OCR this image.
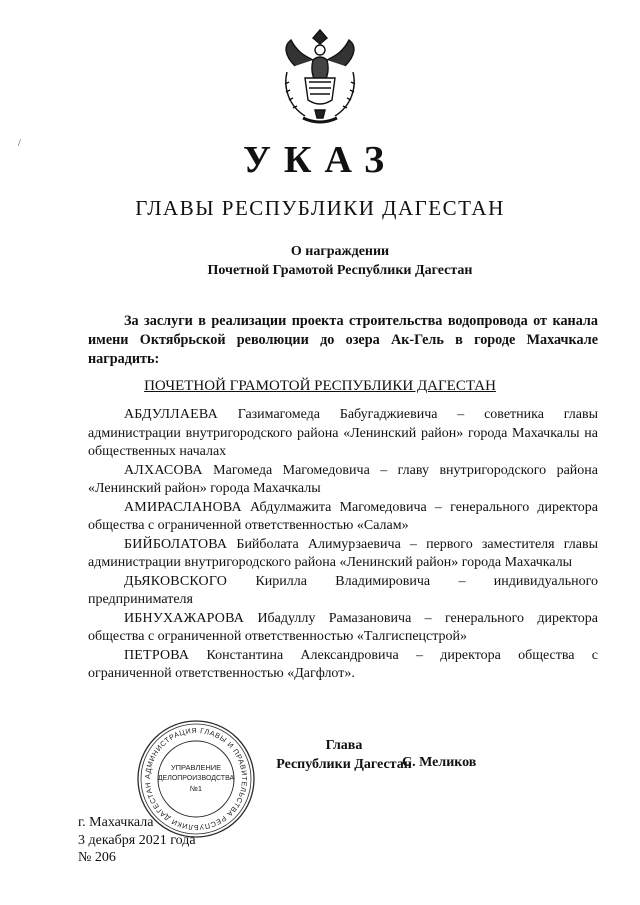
/	УКАЗ
ГЛАВЫ РЕСПУБЛИКИ ДАГЕСТАН
О награждении
Почетной Грамотой Республики Дагестан
За заслуги в реализации проекта строительства водопровода от канала имени Октябрьской революции до озера Ак-Гель в городе Махачкале наградить:
ПОЧЕТНОЙ ГРАМОТОЙ РЕСПУБЛИКИ ДАГЕСТАН

АБДУЛЛАЕВА Газимагомеда Бабугаджиевича – советника главы администрации внутригородского района «Ленинский район» города Махачкалы на общественных началах

АЛХАСОВА Магомеда Магомедовича – главу внутригородского района «Ленинский район» города Махачкалы

АМИРАСЛАНОВА Абдулмажита Магомедовича – генерального директора общества с ограниченной ответственностью «Салам»

БИЙБОЛАТОВА Бийболата Алимурзаевича – первого заместителя главы администрации внутригородского района «Ленинский район» города Махачкалы

ДЬЯКОВСКОГО Кирилла Владимировича – индивидуального предпринимателя

ИБНУХАЖАРОВА Ибадуллу Рамазановича – генерального директора общества с ограниченной ответственностью «Талгиспецстрой»

ПЕТРОВА Константина Александровича – директора общества с ограниченной ответственностью «Дагфлот».

АДМИНИСТРАЦИЯ ГЛАВЫ И ПРАВИТЕЛЬСТВА РЕСПУБЛИКИ ДАГЕСТАН
УПРАВЛЕНИЕ
ДЕЛОПРОИЗВОДСТВА
№1
Глава
Республики Дагестан
С. Меликов
г. Махачкала
3 декабря 2021 года
№ 206
